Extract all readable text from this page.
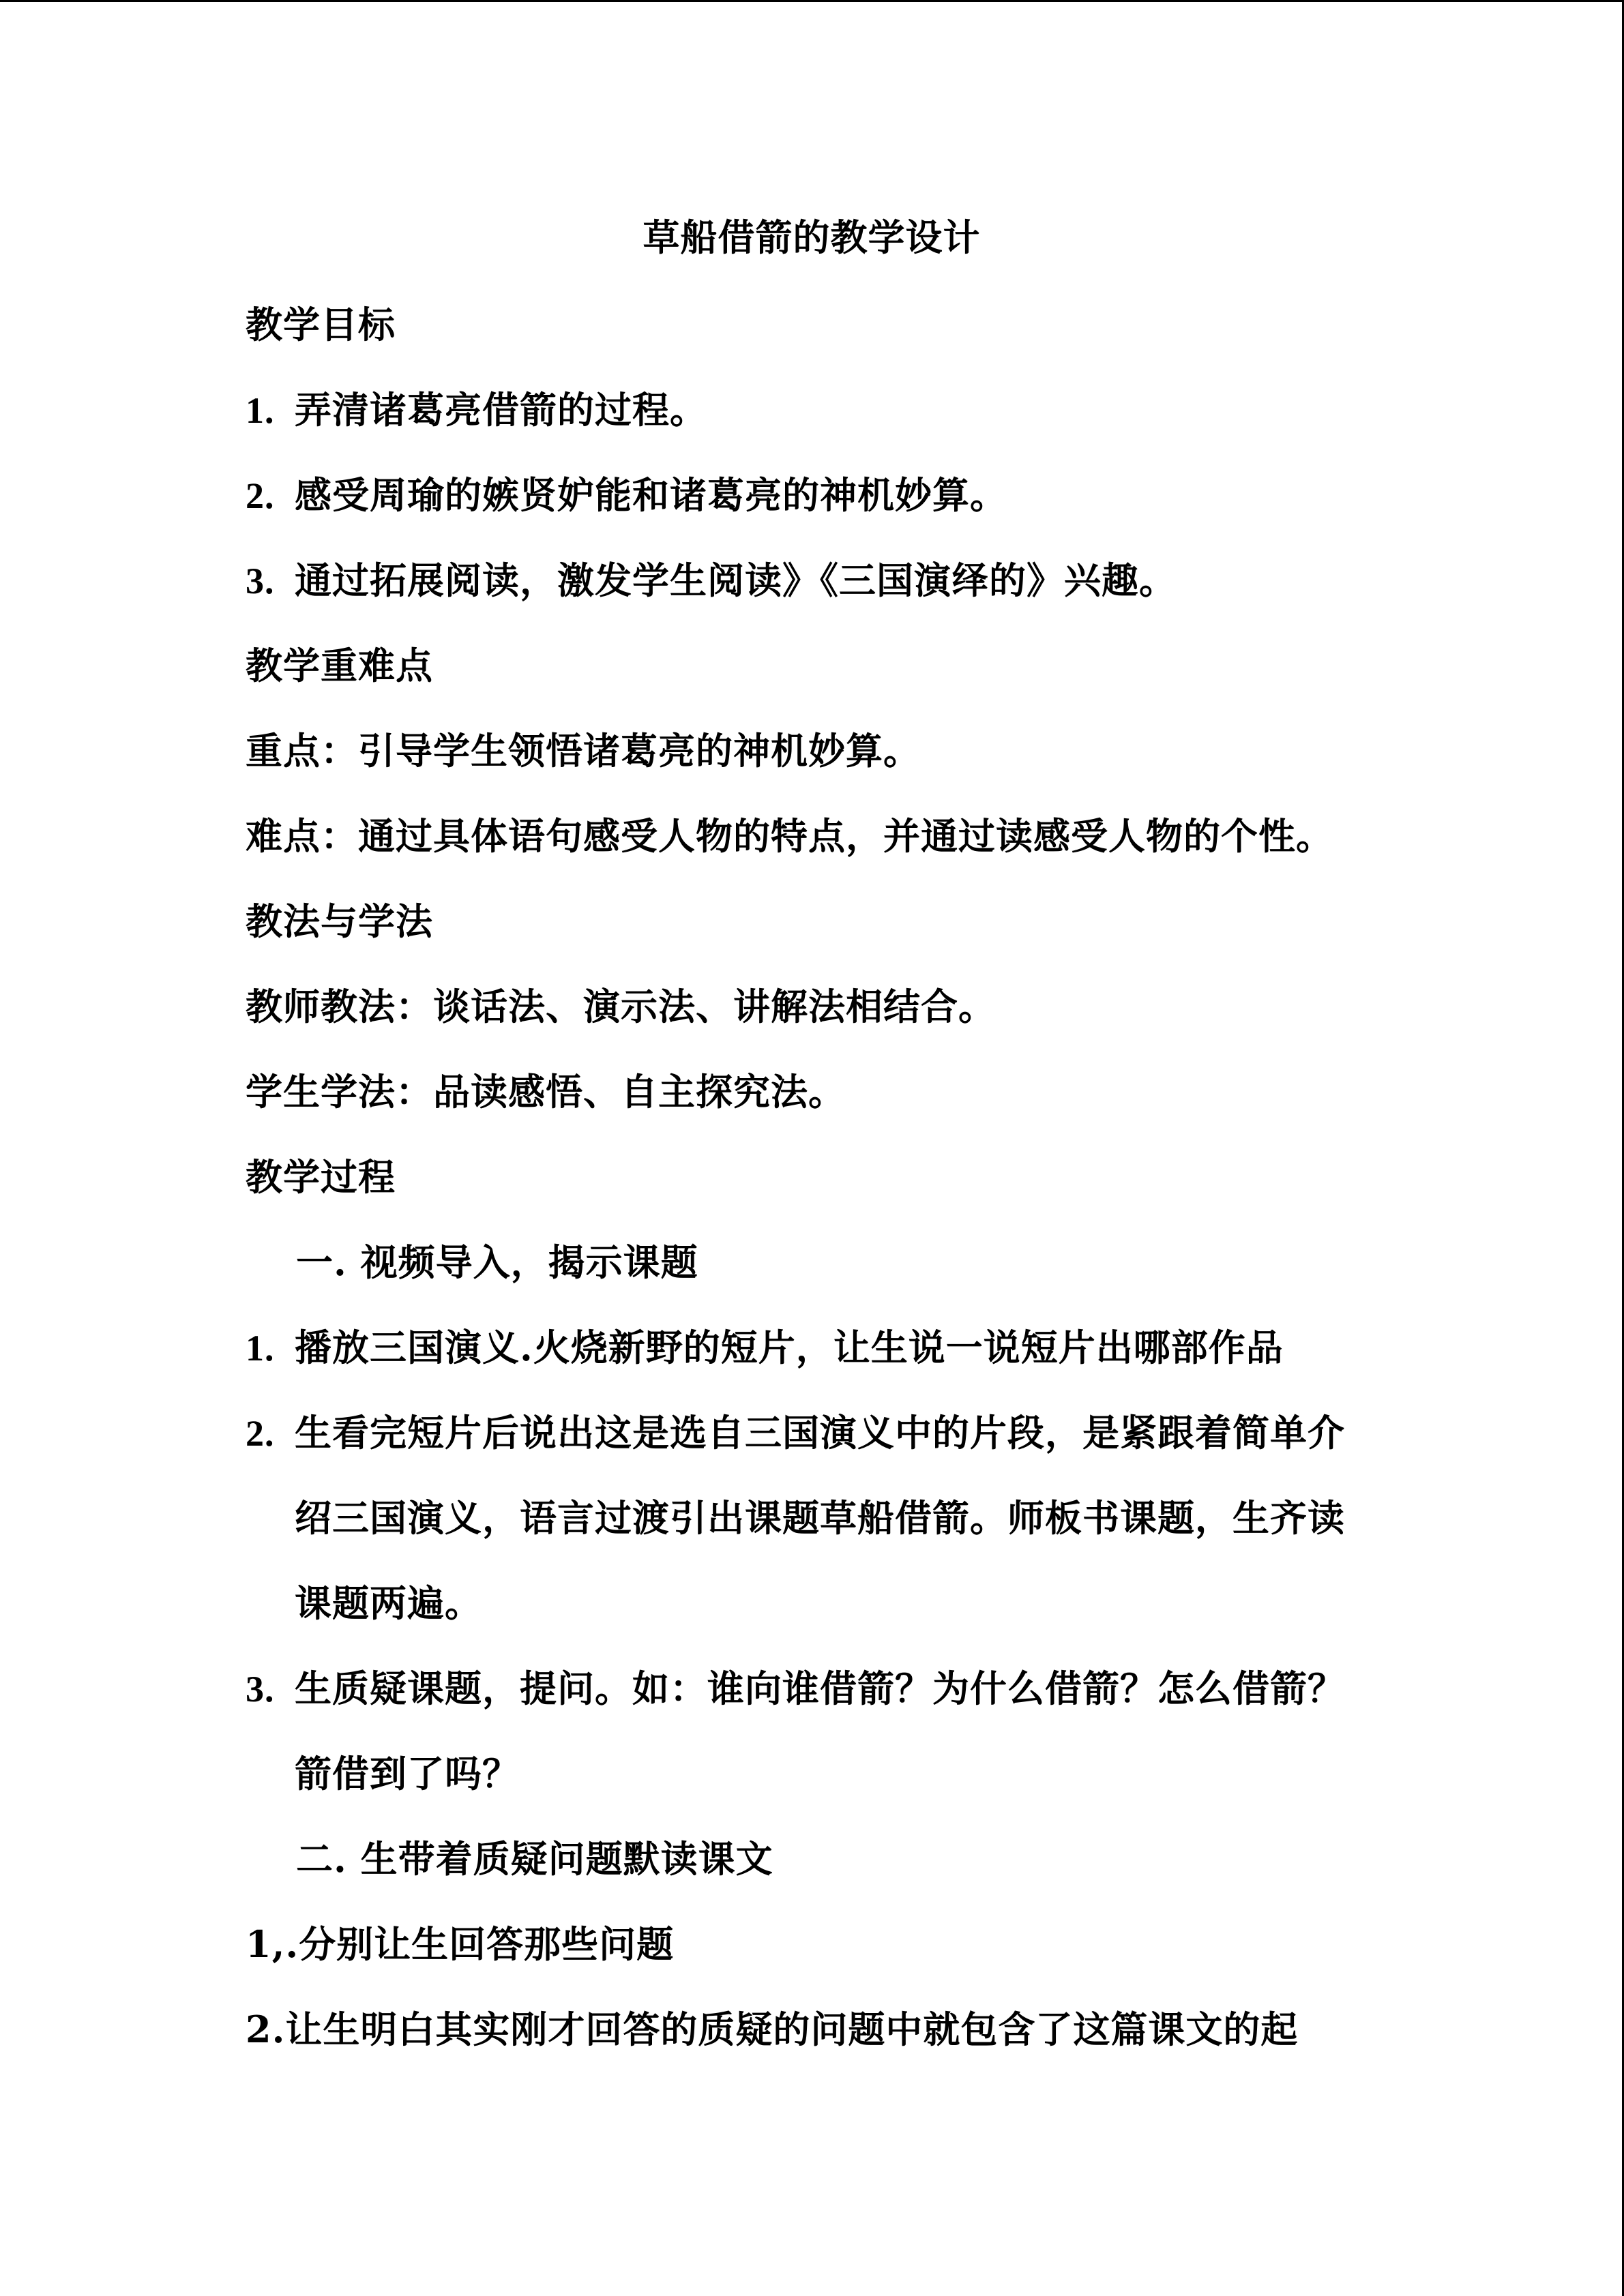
草船借箭的教学设计
教学目标
1. 弄清诸葛亮借箭的过程。
2. 感受周瑜的嫉贤妒能和诸葛亮的神机妙算。
3. 通过拓展阅读，激发学生阅读》《三国演绎的》兴趣。
教学重难点
重点：引导学生领悟诸葛亮的神机妙算。
难点：通过具体语句感受人物的特点，并通过读感受人物的个性。
教法与学法
教师教法：谈话法、演示法、讲解法相结合。
学生学法：品读感悟、自主探究法。
教学过程
一. 视频导入，揭示课题
1. 播放三国演义.火烧新野的短片，让生说一说短片出哪部作品
2. 生看完短片后说出这是选自三国演义中的片段，是紧跟着简单介
绍三国演义，语言过渡引出课题草船借箭。师板书课题，生齐读
课题两遍。
3. 生质疑课题，提问。如：谁向谁借箭？为什么借箭？怎么借箭？
箭借到了吗？
二. 生带着质疑问题默读课文
1,.分别让生回答那些问题
2.让生明白其实刚才回答的质疑的问题中就包含了这篇课文的起
